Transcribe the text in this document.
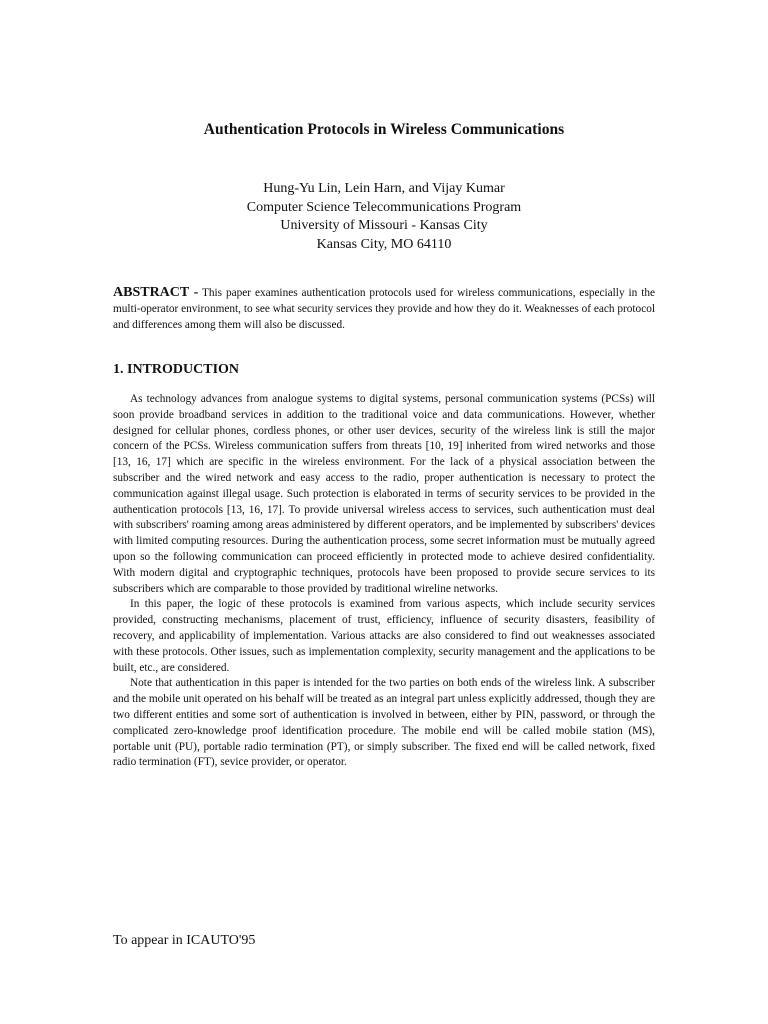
Authentication Protocols in Wireless Communications
Hung-Yu Lin, Lein Harn, and Vijay Kumar
Computer Science Telecommunications Program
University of Missouri - Kansas City
Kansas City, MO 64110
ABSTRACT - This paper examines authentication protocols used for wireless communications, especially in the multi-operator environment, to see what security services they provide and how they do it. Weaknesses of each protocol and differences among them will also be discussed.
1. INTRODUCTION

As technology advances from analogue systems to digital systems, personal communication systems (PCSs) will soon provide broadband services in addition to the traditional voice and data communications. However, whether designed for cellular phones, cordless phones, or other user devices, security of the wireless link is still the major concern of the PCSs. Wireless communication suffers from threats [10, 19] inherited from wired networks and those [13, 16, 17] which are specific in the wireless environment. For the lack of a physical association between the subscriber and the wired network and easy access to the radio, proper authentication is necessary to protect the communication against illegal usage. Such protection is elaborated in terms of security services to be provided in the authentication protocols [13, 16, 17]. To provide universal wireless access to services, such authentication must deal with subscribers' roaming among areas administered by different operators, and be implemented by subscribers' devices with limited computing resources. During the authentication process, some secret information must be mutually agreed upon so the following communication can proceed efficiently in protected mode to achieve desired confidentiality. With modern digital and cryptographic techniques, protocols have been proposed to provide secure services to its subscribers which are comparable to those provided by traditional wireline networks.

In this paper, the logic of these protocols is examined from various aspects, which include security services provided, constructing mechanisms, placement of trust, efficiency, influence of security disasters, feasibility of recovery, and applicability of implementation. Various attacks are also considered to find out weaknesses associated with these protocols. Other issues, such as implementation complexity, security management and the applications to be built, etc., are considered.

Note that authentication in this paper is intended for the two parties on both ends of the wireless link. A subscriber and the mobile unit operated on his behalf will be treated as an integral part unless explicitly addressed, though they are two different entities and some sort of authentication is involved in between, either by PIN, password, or through the complicated zero-knowledge proof identification procedure. The mobile end will be called mobile station (MS), portable unit (PU), portable radio termination (PT), or simply subscriber. The fixed end will be called network, fixed radio termination (FT), sevice provider, or operator.

To appear in ICAUTO'95
